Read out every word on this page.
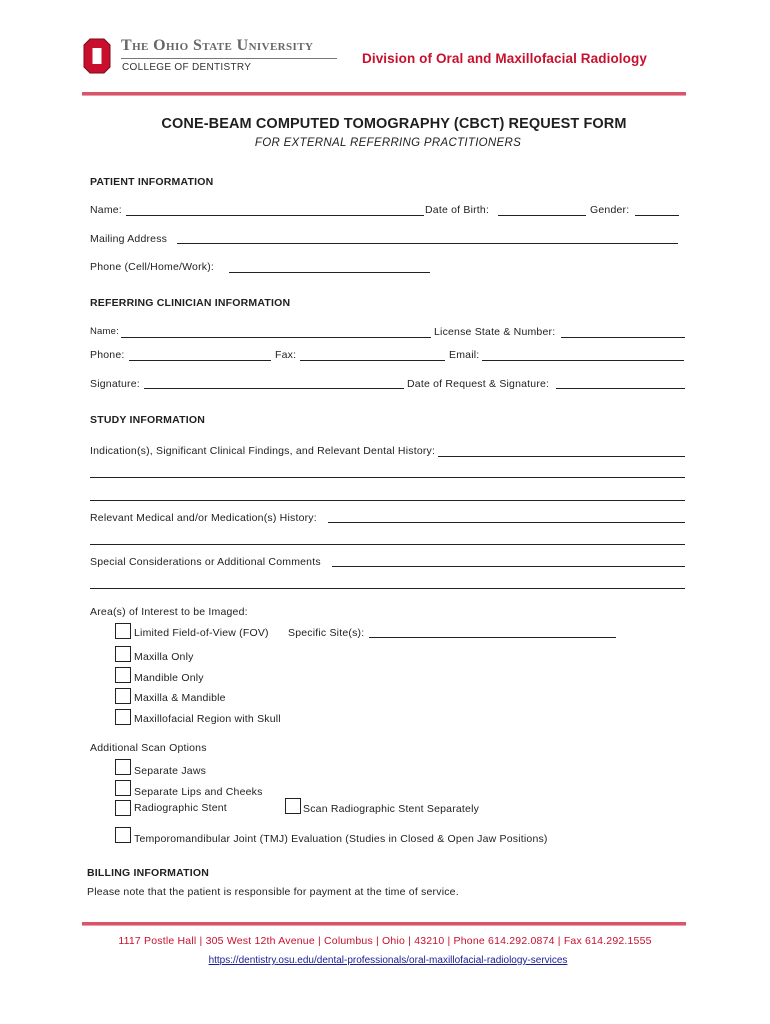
The Ohio State University
COLLEGE OF DENTISTRY
Division of Oral and Maxillofacial Radiology
CONE-BEAM COMPUTED TOMOGRAPHY (CBCT) REQUEST FORM
FOR EXTERNAL REFERRING PRACTITIONERS
PATIENT INFORMATION
Name:	Date of Birth:	Gender:
Mailing Address
Phone (Cell/Home/Work):
REFERRING CLINICIAN INFORMATION
Name:	License State & Number:
Phone:	Fax:	Email:
Signature:	Date of Request & Signature:
STUDY INFORMATION
Indication(s), Significant Clinical Findings, and Relevant Dental History:
Relevant Medical and/or Medication(s) History:
Special Considerations or Additional Comments
Area(s) of Interest to be Imaged:
Limited Field-of-View (FOV) Specific Site(s):
Maxilla Only
Mandible Only
Maxilla & Mandible
Maxillofacial Region with Skull
Additional Scan Options
Separate Jaws
Separate Lips and Cheeks
Radiographic Stent	Scan Radiographic Stent Separately
Temporomandibular Joint (TMJ) Evaluation (Studies in Closed & Open Jaw Positions)
BILLING INFORMATION
Please note that the patient is responsible for payment at the time of service.
1117 Postle Hall | 305 West 12th Avenue | Columbus | Ohio | 43210 | Phone 614.292.0874 | Fax 614.292.1555
https://dentistry.osu.edu/dental-professionals/oral-maxillofacial-radiology-services
